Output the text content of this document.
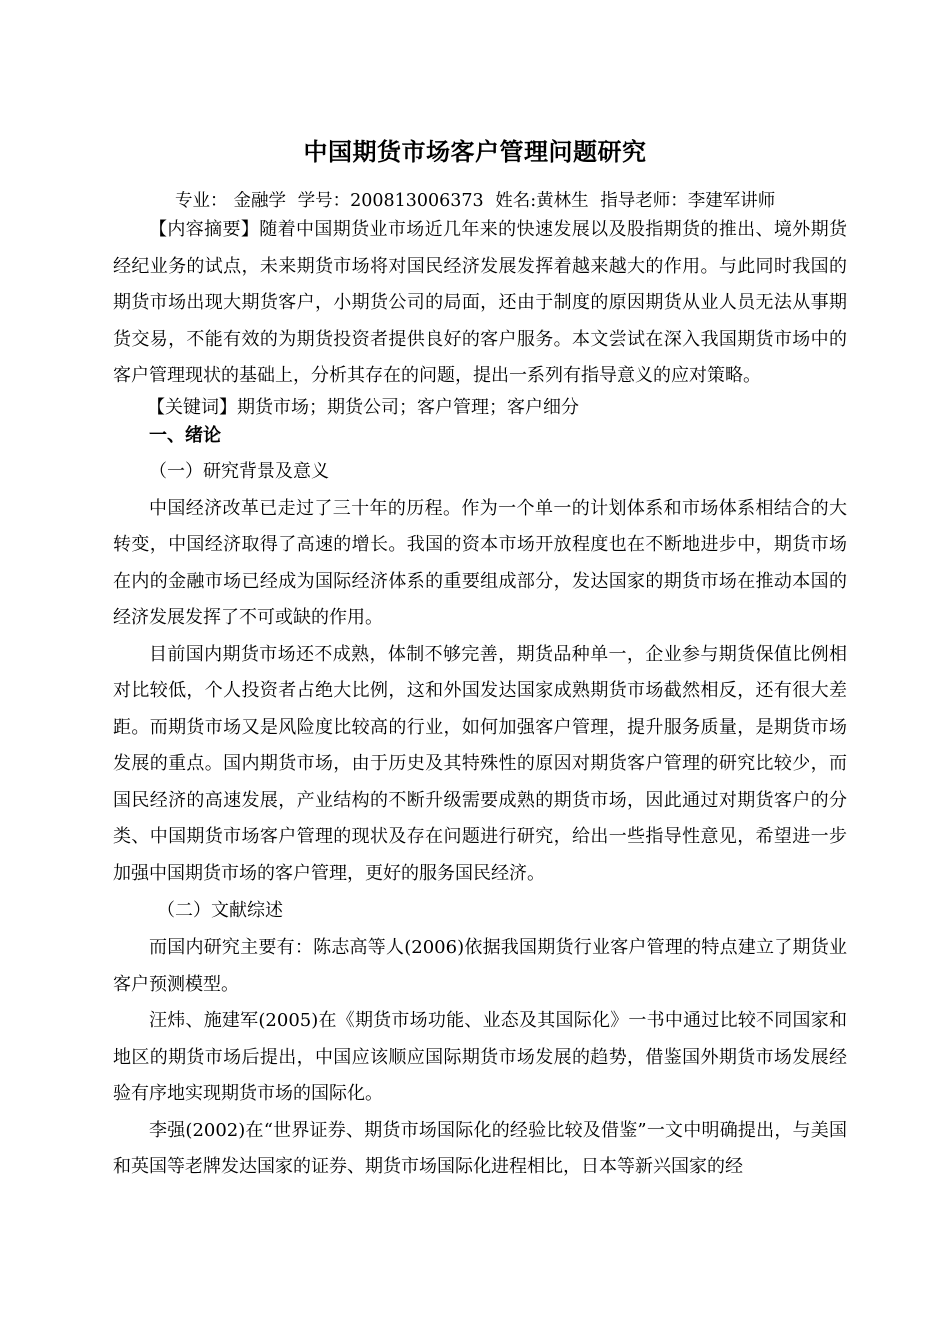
中国期货市场客户管理问题研究
专业： 金融学 学号：200813006373 姓名:黄林生 指导老师：李建军讲师

【内容摘要】随着中国期货业市场近几年来的快速发展以及股指期货的推出、境外期货经纪业务的试点，未来期货市场将对国民经济发展发挥着越来越大的作用。与此同时我国的期货市场出现大期货客户，小期货公司的局面，还由于制度的原因期货从业人员无法从事期货交易，不能有效的为期货投资者提供良好的客户服务。本文尝试在深入我国期货市场中的客户管理现状的基础上，分析其存在的问题，提出一系列有指导意义的应对策略。

【关键词】期货市场；期货公司；客户管理；客户细分

一、绪论

（一）研究背景及意义

中国经济改革已走过了三十年的历程。作为一个单一的计划体系和市场体系相结合的大转变，中国经济取得了高速的增长。我国的资本市场开放程度也在不断地进步中，期货市场在内的金融市场已经成为国际经济体系的重要组成部分，发达国家的期货市场在推动本国的经济发展发挥了不可或缺的作用。

目前国内期货市场还不成熟，体制不够完善，期货品种单一，企业参与期货保值比例相对比较低，个人投资者占绝大比例，这和外国发达国家成熟期货市场截然相反，还有很大差距。而期货市场又是风险度比较高的行业，如何加强客户管理，提升服务质量，是期货市场发展的重点。国内期货市场，由于历史及其特殊性的原因对期货客户管理的研究比较少，而国民经济的高速发展，产业结构的不断升级需要成熟的期货市场，因此通过对期货客户的分类、中国期货市场客户管理的现状及存在问题进行研究，给出一些指导性意见，希望进一步加强中国期货市场的客户管理，更好的服务国民经济。

（二）文献综述

而国内研究主要有：陈志高等人(2006)依据我国期货行业客户管理的特点建立了期货业客户预测模型。

汪炜、施建军(2005)在《期货市场功能、业态及其国际化》一书中通过比较不同国家和地区的期货市场后提出，中国应该顺应国际期货市场发展的趋势，借鉴国外期货市场发展经验有序地实现期货市场的国际化。

李强(2002)在“世界证券、期货市场国际化的经验比较及借鉴”一文中明确提出，与美国和英国等老牌发达国家的证券、期货市场国际化进程相比，日本等新兴国家的经
